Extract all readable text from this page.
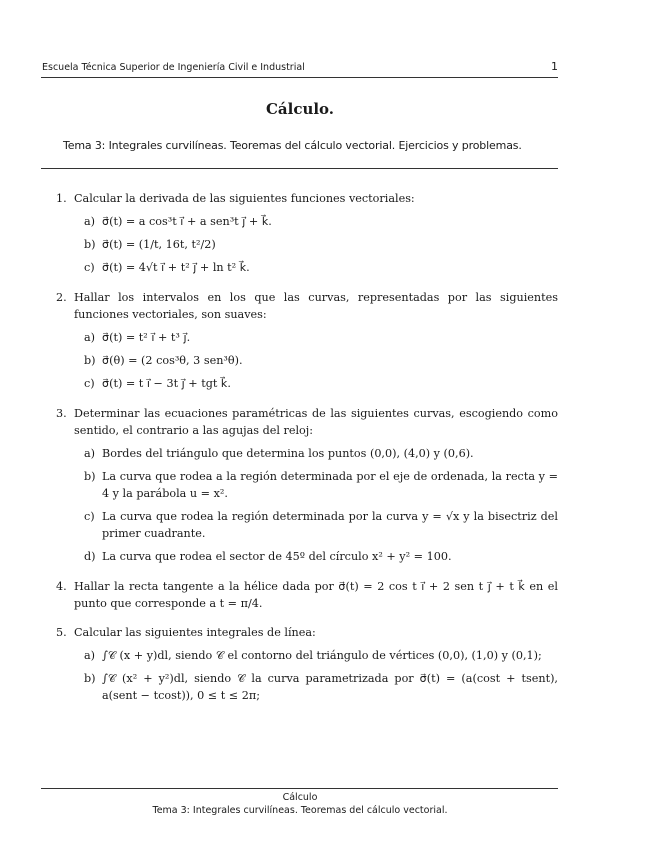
Escuela Técnica Superior de Ingeniería Civil e Industrial	1
Cálculo.
Tema 3: Integrales curvilíneas. Teoremas del cálculo vectorial. Ejercicios y problemas.
1. Calcular la derivada de las siguientes funciones vectoriales:
a) σ⃗(t) = a cos³t i⃗ + a sen³t j⃗ + k⃗.
b) σ⃗(t) = (1/t, 16t, t²/2)
c) σ⃗(t) = 4√t i⃗ + t² j⃗ + ln t² k⃗.
2. Hallar los intervalos en los que las curvas, representadas por las siguientes funciones vectoriales, son suaves:
a) σ⃗(t) = t² i⃗ + t³ j⃗.
b) σ⃗(θ) = (2 cos³θ, 3 sen³θ).
c) σ⃗(t) = t i⃗ − 3t j⃗ + tgt k⃗.
3. Determinar las ecuaciones paramétricas de las siguientes curvas, escogiendo como sentido, el contrario a las agujas del reloj:
a) Bordes del triángulo que determina los puntos (0,0), (4,0) y (0,6).
b) La curva que rodea a la región determinada por el eje de ordenada, la recta y = 4 y la parábola u = x².
c) La curva que rodea la región determinada por la curva y = √x y la bisectriz del primer cuadrante.
d) La curva que rodea el sector de 45º del círculo x² + y² = 100.
4. Hallar la recta tangente a la hélice dada por σ⃗(t) = 2 cos t i⃗ + 2 sen t j⃗ + t k⃗ en el punto que corresponde a t = π/4.
5. Calcular las siguientes integrales de línea:
a) ∫𝒞 (x + y)dl, siendo 𝒞 el contorno del triángulo de vértices (0,0), (1,0) y (0,1);
b) ∫𝒞 (x² + y²)dl, siendo 𝒞 la curva parametrizada por σ⃗(t) = (a(cost + tsent), a(sent − tcost)), 0 ≤ t ≤ 2π;
Cálculo
Tema 3: Integrales curvilíneas. Teoremas del cálculo vectorial.
